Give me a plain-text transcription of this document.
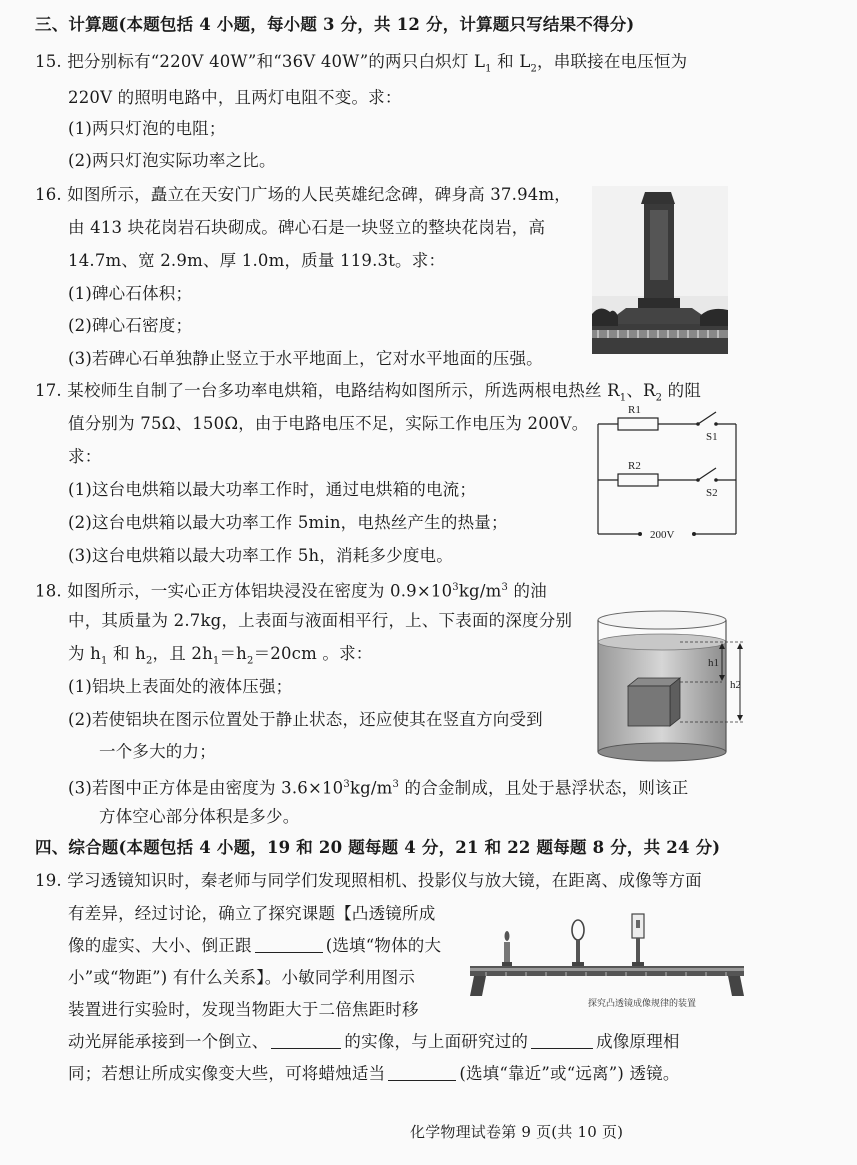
三、计算题(本题包括 4 小题，每小题 3 分，共 12 分，计算题只写结果不得分)
15. 把分别标有“220V 40W”和“36V 40W”的两只白炽灯 $L_1$ 和 $L_2$，串联接在电压恒为
220V 的照明电路中，且两灯电阻不变。求：
(1)两只灯泡的电阻；
(2)两只灯泡实际功率之比。
16. 如图所示，矗立在天安门广场的人民英雄纪念碑，碑身高 37.94m，
由 413 块花岗岩石块砌成。碑心石是一块竖立的整块花岗岩，高
14.7m、宽 2.9m、厚 1.0m，质量 119.3t。求：
(1)碑心石体积；
(2)碑心石密度；
(3)若碑心石单独静止竖立于水平地面上，它对水平地面的压强。
17. 某校师生自制了一台多功率电烘箱，电路结构如图所示，所选两根电热丝 $R_1$、$R_2$ 的阻
值分别为 75Ω、150Ω，由于电路电压不足，实际工作电压为 200V。
求：
(1)这台电烘箱以最大功率工作时，通过电烘箱的电流；
(2)这台电烘箱以最大功率工作 5min，电热丝产生的热量；
(3)这台电烘箱以最大功率工作 5h，消耗多少度电。
R1
R2
S1
S2
200V
18. 如图所示，一实心正方体铝块浸没在密度为 $0.9\times 10^3kg/m^3$ 的油
中，其质量为 2.7kg，上表面与液面相平行，上、下表面的深度分别
为 $h_1$ 和 $h_2$，且 $2h_1=h_2=20cm$ 。求：
(1)铝块上表面处的液体压强；
(2)若使铝块在图示位置处于静止状态，还应使其在竖直方向受到
一个多大的力；
(3)若图中正方体是由密度为 $3.6\times 10^3kg/m^3$ 的合金制成，且处于悬浮状态，则该正
方体空心部分体积是多少。
h1
h2
四、综合题(本题包括 4 小题，19 和 20 题每题 4 分，21 和 22 题每题 8 分，共 24 分)
19. 学习透镜知识时，秦老师与同学们发现照相机、投影仪与放大镜，在距离、成像等方面
有差异，经过讨论，确立了探究课题【凸透镜所成
像的虚实、大小、倒正跟	(选填“物体的大
小”或“物距”) 有什么关系】。小敏同学利用图示
装置进行实验时，发现当物距大于二倍焦距时移
动光屏能承接到一个倒立、	的实像，与上面研究过的	成像原理相
同；若想让所成实像变大些，可将蜡烛适当	(选填“靠近”或“远离”) 透镜。
探究凸透镜成像规律的装置
化学物理试卷第 9 页(共 10 页)
